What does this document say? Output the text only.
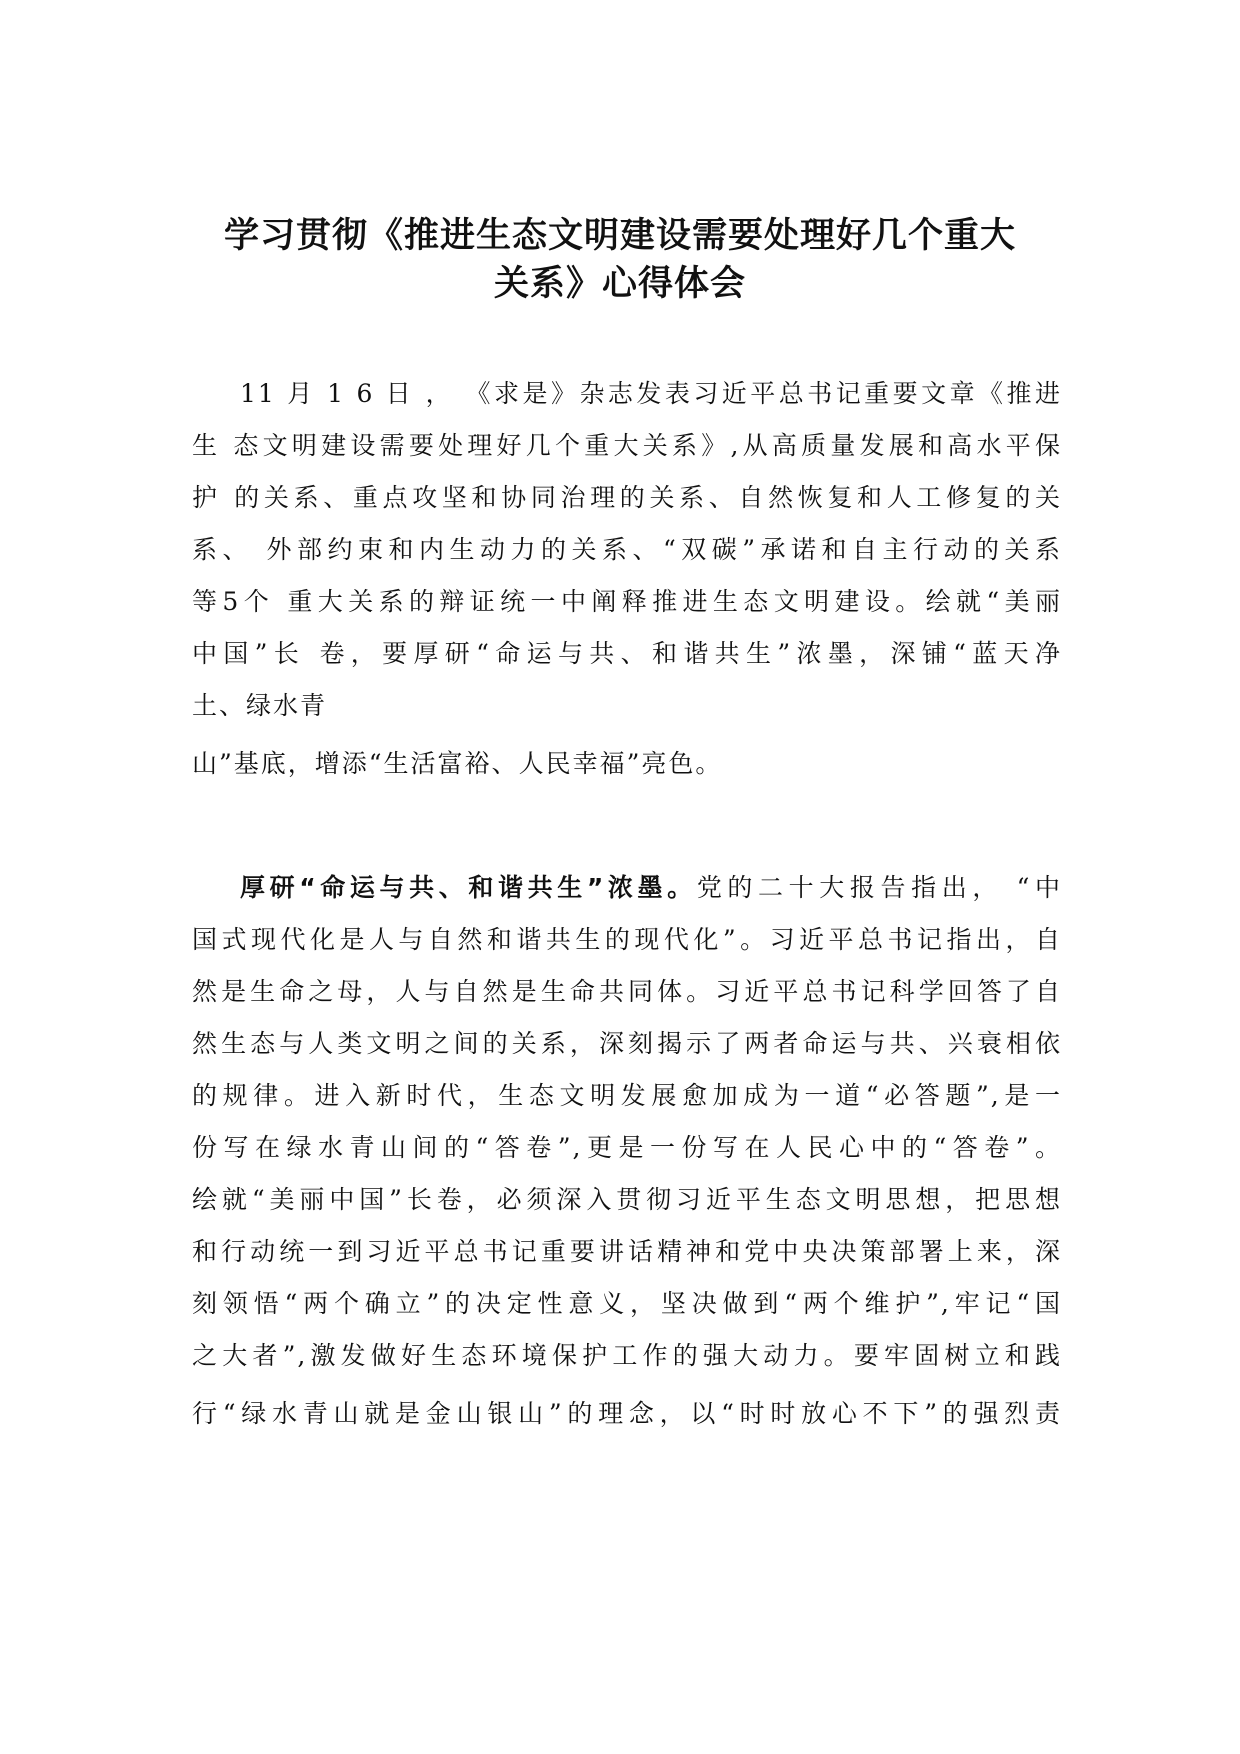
学习贯彻《推进生态文明建设需要处理好几个重大
关系》心得体会

11 月 1 6 日 ， 《求是》杂志发表习近平总书记重要文章《推进

生 态文明建设需要处理好几个重大关系》,从高质量发展和高水平保

护 的关系、重点攻坚和协同治理的关系、自然恢复和人工修复的关

系、 外部约束和内生动力的关系、“双碳”承诺和自主行动的关系

等5个 重大关系的辩证统一中阐释推进生态文明建设。绘就“美丽

中国”长 卷，要厚研“命运与共、和谐共生”浓墨，深铺“蓝天净

土、绿水青

山”基底，增添“生活富裕、人民幸福”亮色。

厚研“命运与共、和谐共生”浓墨。党的二十大报告指出， “中

国式现代化是人与自然和谐共生的现代化”。习近平总书记指出，自

然是生命之母，人与自然是生命共同体。习近平总书记科学回答了自

然生态与人类文明之间的关系，深刻揭示了两者命运与共、兴衰相依

的规律。进入新时代，生态文明发展愈加成为一道“必答题”,是一

份写在绿水青山间的“答卷”,更是一份写在人民心中的“答卷”。

绘就“美丽中国”长卷，必须深入贯彻习近平生态文明思想，把思想

和行动统一到习近平总书记重要讲话精神和党中央决策部署上来，深

刻领悟“两个确立”的决定性意义，坚决做到“两个维护”,牢记“国

之大者”,激发做好生态环境保护工作的强大动力。要牢固树立和践

行“绿水青山就是金山银山”的理念，以“时时放心不下”的强烈责
